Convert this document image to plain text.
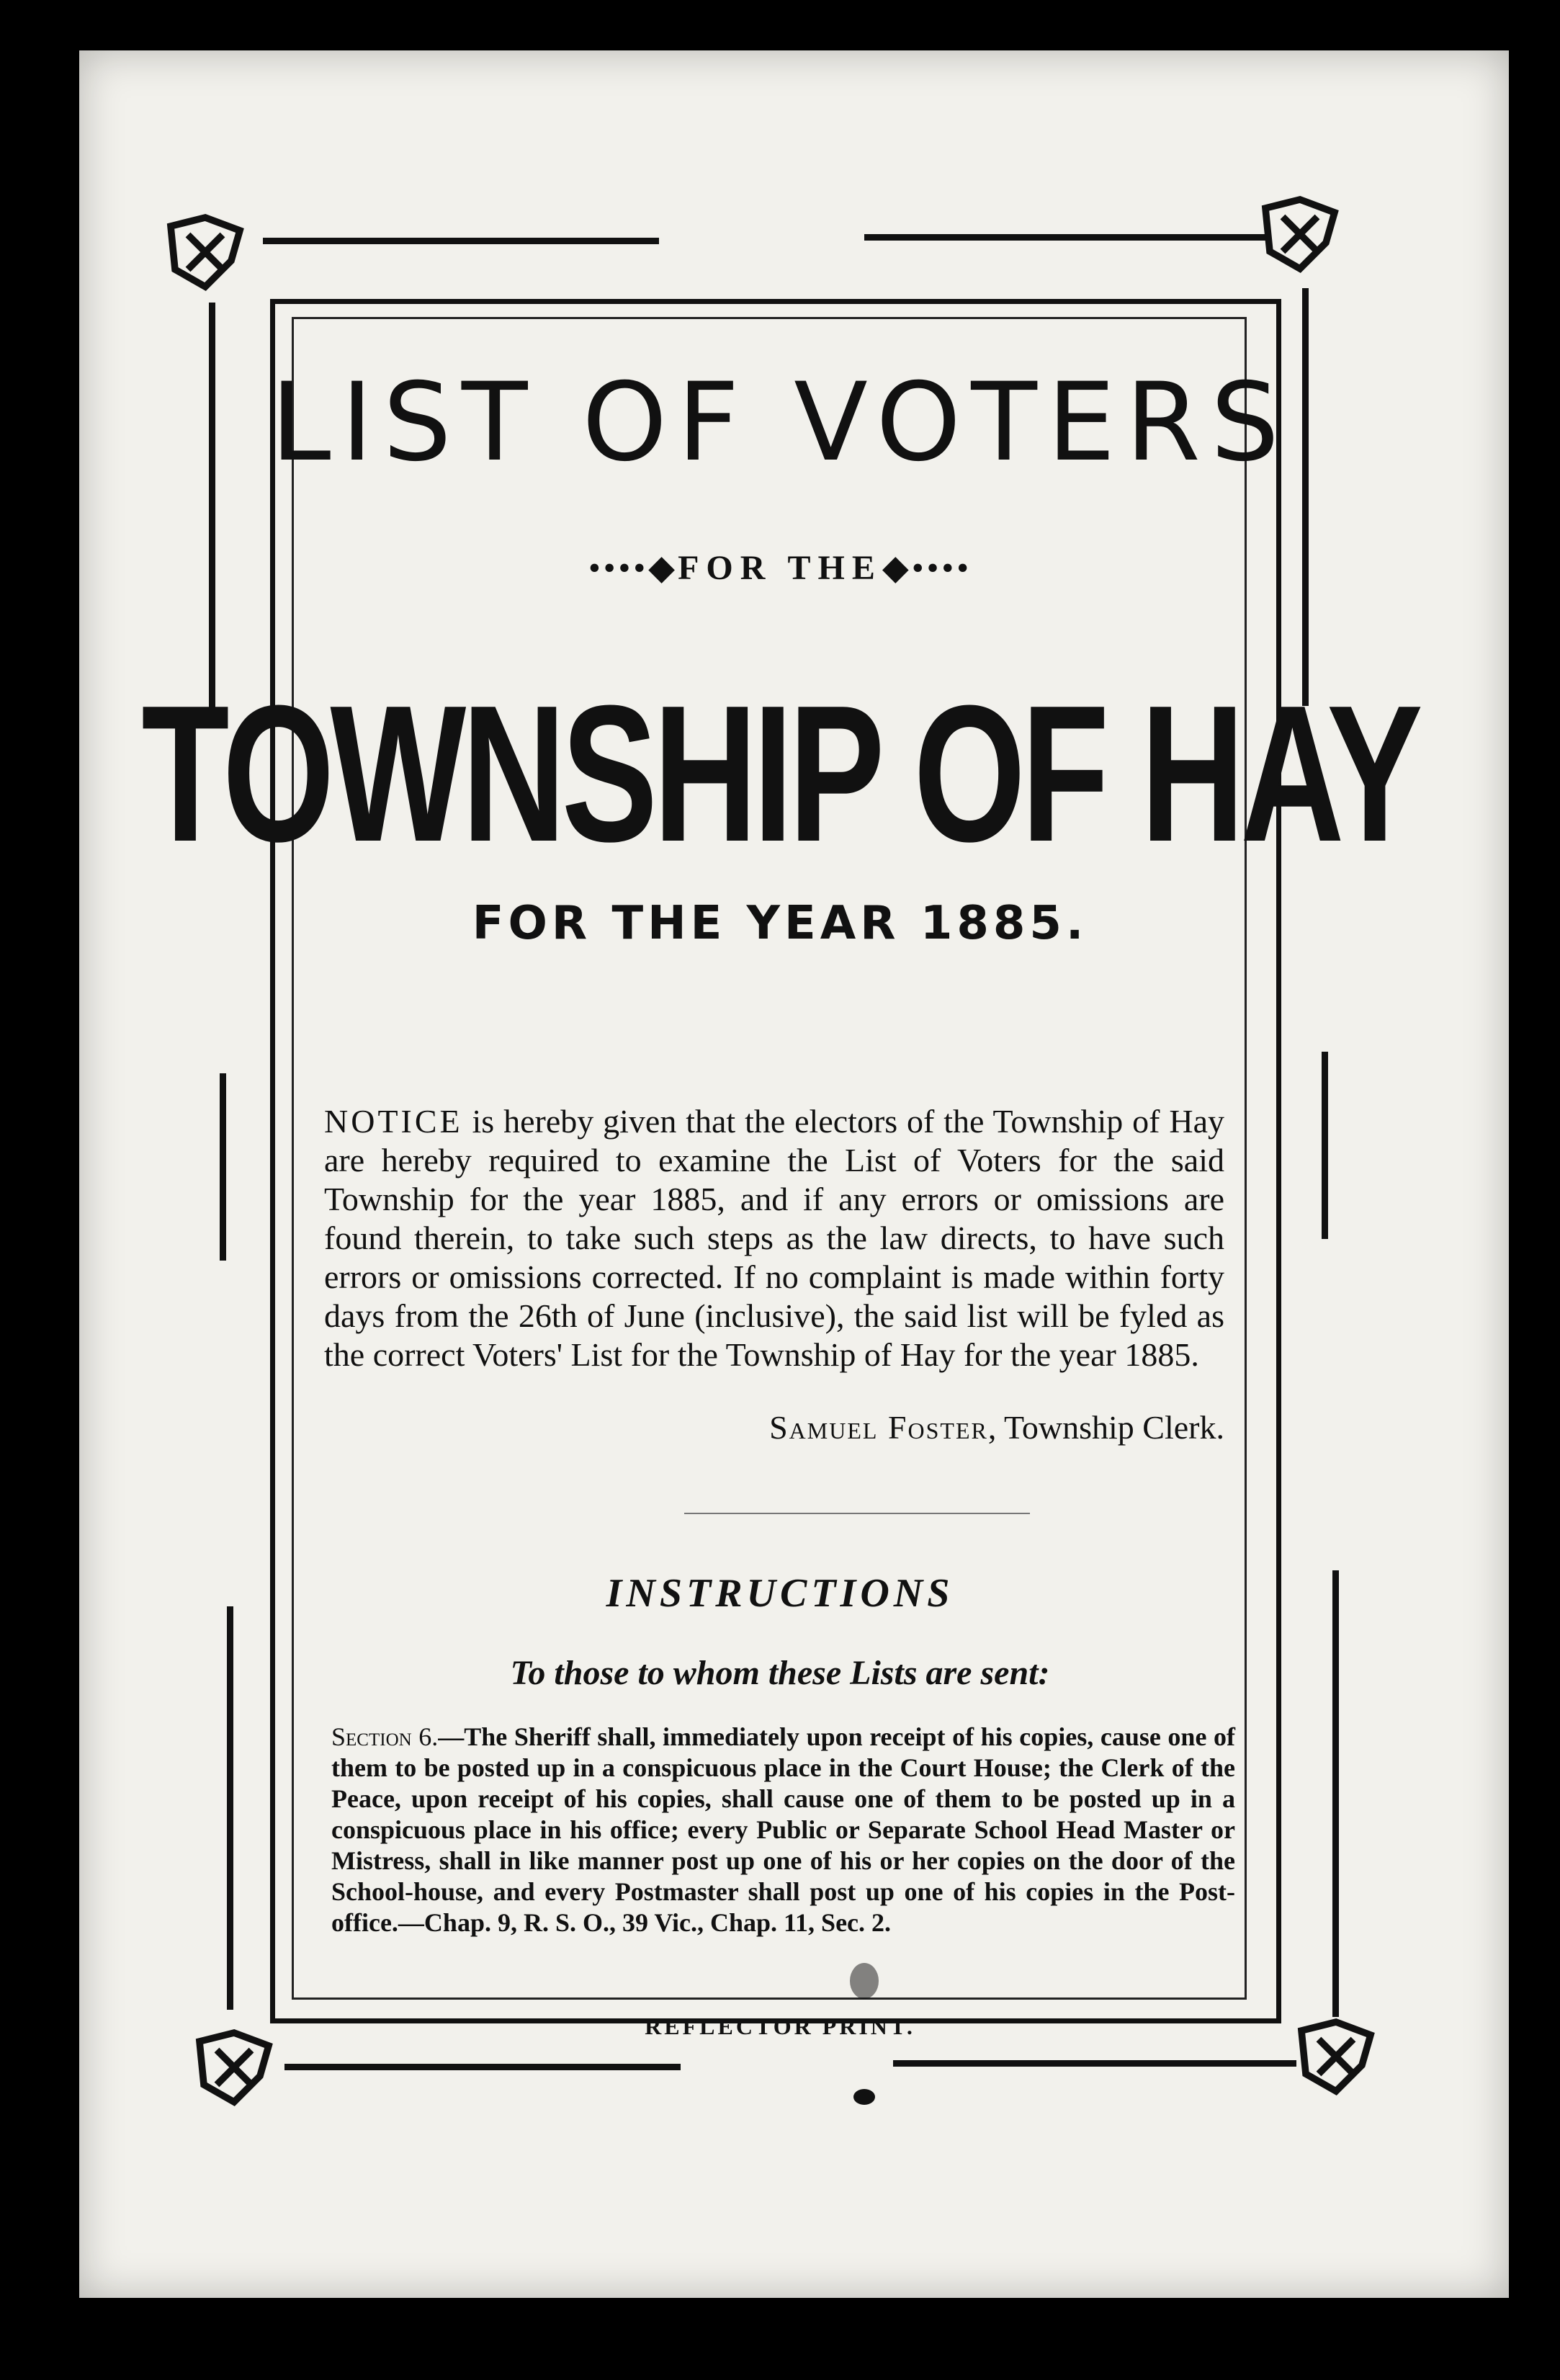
LIST OF VOTERS
••••◆FOR THE◆••••
TOWNSHIP OF HAY
FOR THE YEAR 1885.
NOTICE is hereby given that the electors of the Township of Hay are hereby required to examine the List of Voters for the said Township for the year 1885, and if any errors or omissions are found therein, to take such steps as the law directs, to have such errors or omissions corrected. If no complaint is made within forty days from the 26th of June (inclusive), the said list will be fyled as the correct Voters' List for the Township of Hay for the year 1885.
Samuel Foster, Township Clerk.
INSTRUCTIONS
To those to whom these Lists are sent:
Section 6.—The Sheriff shall, immediately upon receipt of his copies, cause one of them to be posted up in a conspicuous place in the Court House; the Clerk of the Peace, upon receipt of his copies, shall cause one of them to be posted up in a conspicuous place in his office; every Public or Separate School Head Master or Mistress, shall in like manner post up one of his or her copies on the door of the School-house, and every Postmaster shall post up one of his copies in the Post-office.—Chap. 9, R. S. O., 39 Vic., Chap. 11, Sec. 2.
REFLECTOR PRINT.
